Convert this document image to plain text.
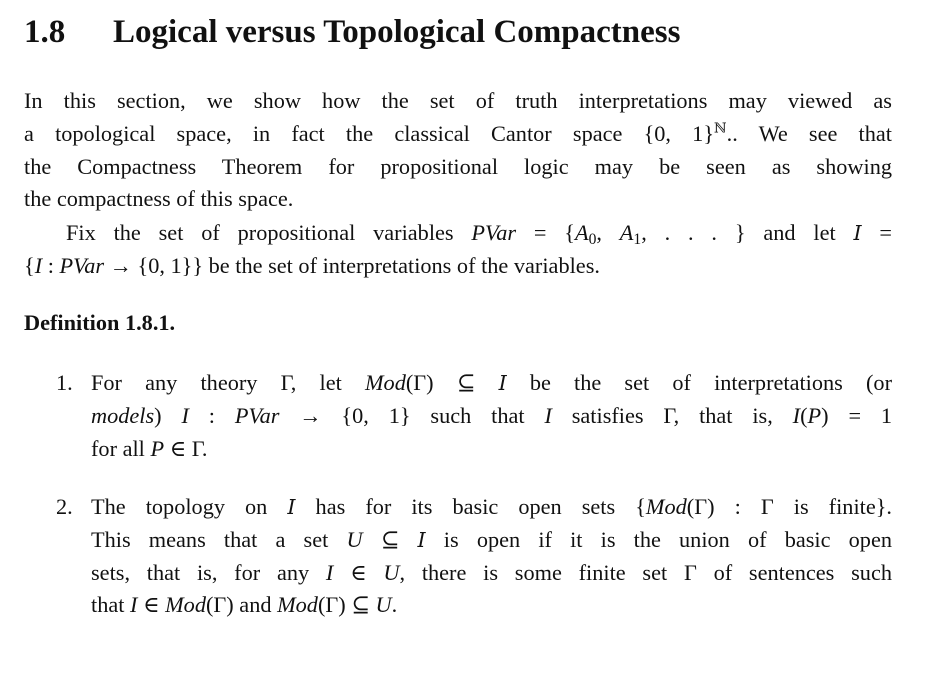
1.8 Logical versus Topological Compactness
In this section, we show how the set of truth interpretations may viewed as
a topological space, in fact the classical Cantor space {0, 1}$^ℕ$.. We see that
the Compactness Theorem for propositional logic may be seen as showing
the compactness of this space.
Fix the set of propositional variables PVar = {$A_0$, $A_1$, . . . } and let I =
{I : PVar → {0, 1}} be the set of interpretations of the variables.
Definition 1.8.1.
1. For any theory Γ, let Mod(Γ) ⊆ I be the set of interpretations (or
models) I : PVar → {0, 1} such that I satisfies Γ, that is, I(P) = 1
for all P ∈ Γ.
2. The topology on I has for its basic open sets {Mod(Γ) : Γ is finite}.
This means that a set U ⊆ I is open if it is the union of basic open
sets, that is, for any I ∈ U, there is some finite set Γ of sentences such
that I ∈ Mod(Γ) and Mod(Γ) ⊆ U.
